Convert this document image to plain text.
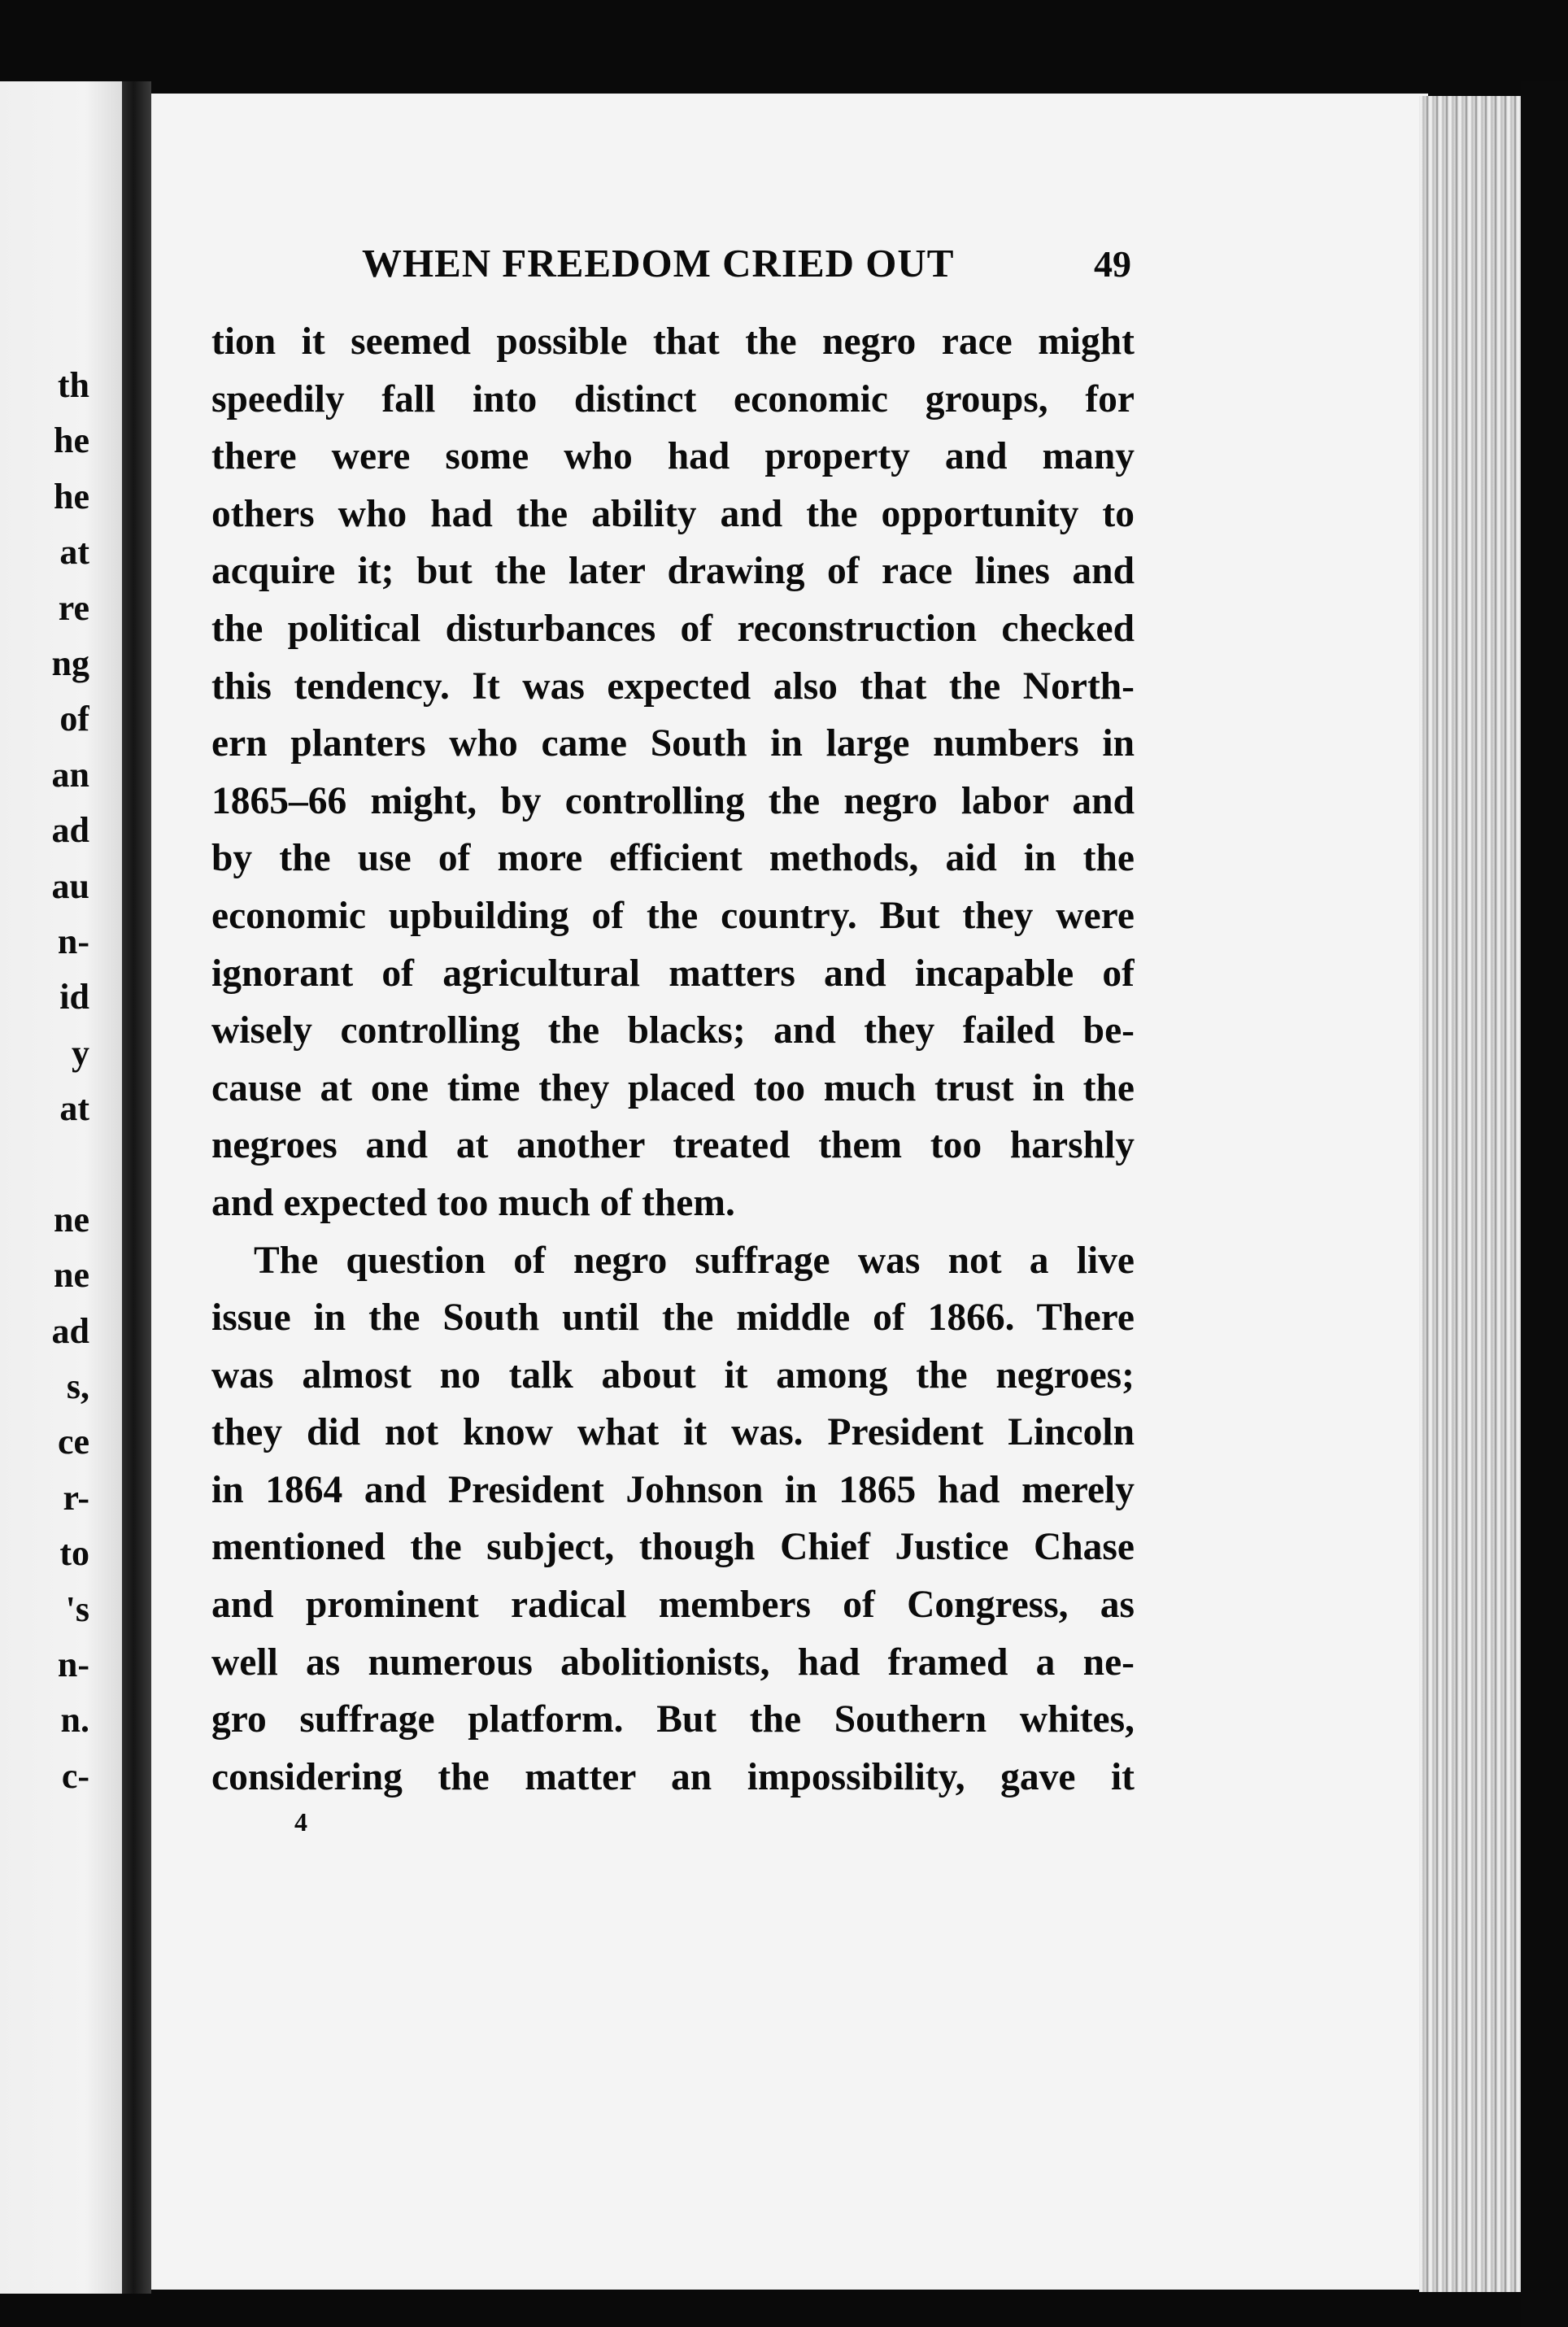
th
he
he
at
re
ng
of
an
ad
au
n-
id
y
at
ne
ne
ad
s,
ce
r-
to
's
n-
n.
c-
WHEN FREEDOM CRIED OUT	49
tion it seemed possible that the negro race might
speedily fall into distinct economic groups, for
there were some who had property and many
others who had the ability and the opportunity to
acquire it; but the later drawing of race lines and
the political disturbances of reconstruction checked
this tendency. It was expected also that the North-
ern planters who came South in large numbers in
1865–66 might, by controlling the negro labor and
by the use of more efficient methods, aid in the
economic upbuilding of the country. But they were
ignorant of agricultural matters and incapable of
wisely controlling the blacks; and they failed be-
cause at one time they placed too much trust in the
negroes and at another treated them too harshly
and expected too much of them.
The question of negro suffrage was not a live
issue in the South until the middle of 1866. There
was almost no talk about it among the negroes;
they did not know what it was. President Lincoln
in 1864 and President Johnson in 1865 had merely
mentioned the subject, though Chief Justice Chase
and prominent radical members of Congress, as
well as numerous abolitionists, had framed a ne-
gro suffrage platform. But the Southern whites,
considering the matter an impossibility, gave it
4
